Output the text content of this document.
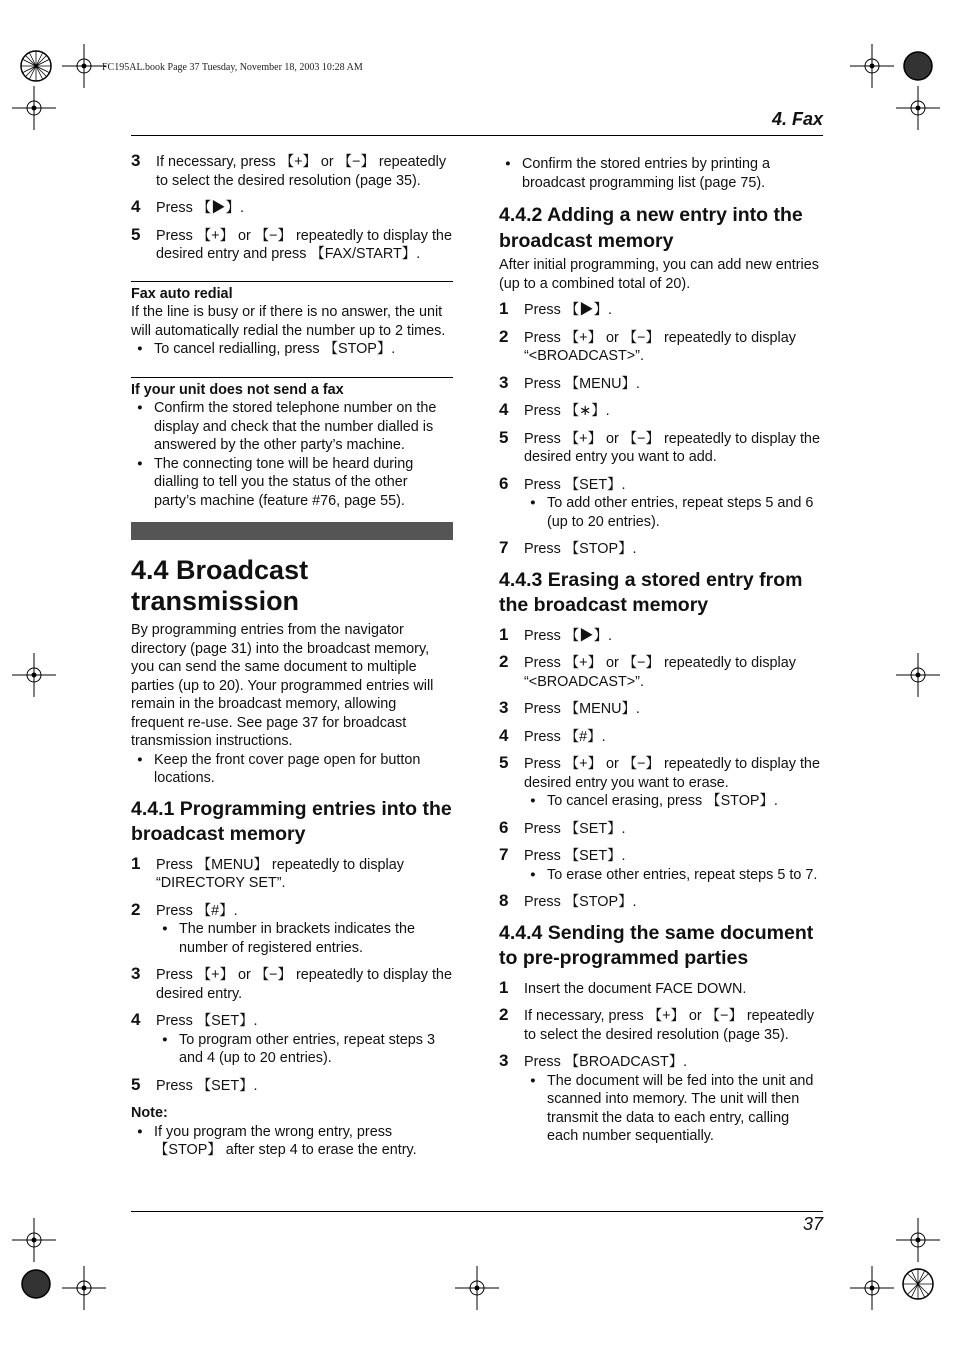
FC195AL.book Page 37 Tuesday, November 18, 2003 10:28 AM
4. Fax
3 If necessary, press 【+】 or 【−】 repeatedly to select the desired resolution (page 35).
4 Press 【▶】.
5 Press 【+】 or 【−】 repeatedly to display the desired entry and press 【FAX/START】.

Fax auto redial

If the line is busy or if there is no answer, the unit will automatically redial the number up to 2 times.

● To cancel redialling, press 【STOP】.

If your unit does not send a fax

● Confirm the stored telephone number on the display and check that the number dialled is answered by the other party’s machine.
● The connecting tone will be heard during dialling to tell you the status of the other party’s machine (feature #76, page 55).
4.4 Broadcast transmission

By programming entries from the navigator directory (page 31) into the broadcast memory, you can send the same document to multiple parties (up to 20). Your programmed entries will remain in the broadcast memory, allowing frequent re-use. See page 37 for broadcast transmission instructions.

● Keep the front cover page open for button locations.
4.4.1 Programming entries into the broadcast memory
1 Press 【MENU】 repeatedly to display “DIRECTORY SET”.
2 Press 【#】.
● The number in brackets indicates the number of registered entries.
3 Press 【+】 or 【−】 repeatedly to display the desired entry.
4 Press 【SET】.
● To program other entries, repeat steps 3 and 4 (up to 20 entries).
5 Press 【SET】.

Note:

● If you program the wrong entry, press 【STOP】 after step 4 to erase the entry.
● Confirm the stored entries by printing a broadcast programming list (page 75).
4.4.2 Adding a new entry into the broadcast memory

After initial programming, you can add new entries (up to a combined total of 20).

1 Press 【▶】.
2 Press 【+】 or 【−】 repeatedly to display “<BROADCAST>”.
3 Press 【MENU】.
4 Press 【∗】.
5 Press 【+】 or 【−】 repeatedly to display the desired entry you want to add.
6 Press 【SET】.
● To add other entries, repeat steps 5 and 6 (up to 20 entries).
7 Press 【STOP】.
4.4.3 Erasing a stored entry from the broadcast memory
1 Press 【▶】.
2 Press 【+】 or 【−】 repeatedly to display “<BROADCAST>”.
3 Press 【MENU】.
4 Press 【#】.
5 Press 【+】 or 【−】 repeatedly to display the desired entry you want to erase.
● To cancel erasing, press 【STOP】.
6 Press 【SET】.
7 Press 【SET】.
● To erase other entries, repeat steps 5 to 7.
8 Press 【STOP】.
4.4.4 Sending the same document to pre-programmed parties
1 Insert the document FACE DOWN.
2 If necessary, press 【+】 or 【−】 repeatedly to select the desired resolution (page 35).
3 Press 【BROADCAST】.
● The document will be fed into the unit and scanned into memory. The unit will then transmit the data to each entry, calling each number sequentially.
37
